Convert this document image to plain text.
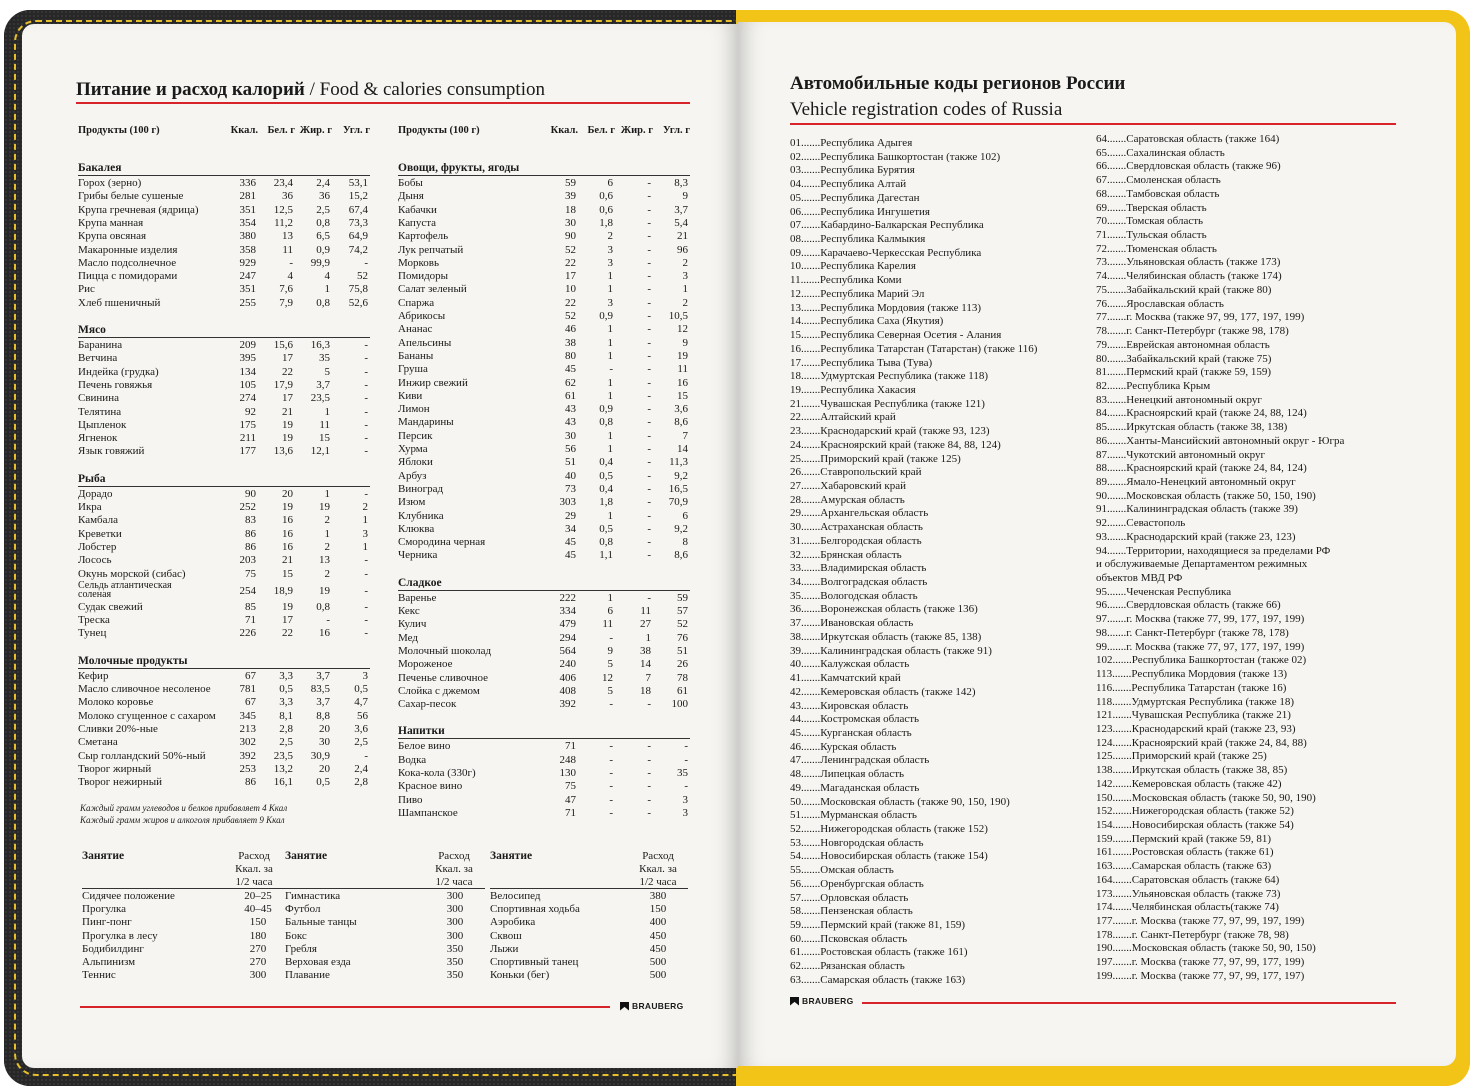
Питание и расход калорий / Food & calories consumption
Продукты (100 г)	Ккал. Бел. г Жир. г	Угл. г
Бакалея
Горох (зерно)	336	23,4	2,4	53,1
Грибы белые сушеные	281	36	36	15,2
Крупа гречневая (ядрица)	351	12,5	2,5	67,4
Крупа манная	354	11,2	0,8	73,3
Крупа овсяная	380	13	6,5	64,9
Макаронные изделия	358	11	0,9	74,2
Масло подсолнечное	929	-	99,9	-
Пицца с помидорами	247	4	4	52
Рис	351	7,6	1	75,8
Хлеб пшеничный	255	7,9	0,8	52,6
Мясо
Баранина	209	15,6	16,3	-
Ветчина	395	17	35	-
Индейка (грудка)	134	22	5	-
Печень говяжья	105	17,9	3,7	-
Свинина	274	17	23,5	-
Телятина	92	21	1	-
Цыпленок	175	19	11	-
Ягненок	211	19	15	-
Язык говяжий	177	13,6	12,1	-
Рыба
Дорадо	90	20	1	-
Икра	252	19	19	2
Камбала	83	16	2	1
Креветки	86	16	1	3
Лобстер	86	16	2	1
Лосось	203	21	13	-
Окунь морской (сибас)	75	15	2	-
Сельдь атлантическая соленая	254	18,9	19	-
Судак свежий	85	19	0,8	-
Треска	71	17	-	-
Тунец	226	22	16	-
Молочные продукты
Кефир	67	3,3	3,7	3
Масло сливочное несоленое	781	0,5	83,5	0,5
Молоко коровье	67	3,3	3,7	4,7
Молоко сгущенное с сахаром	345	8,1	8,8	56
Сливки 20%-ные	213	2,8	20	3,6
Сметана	302	2,5	30	2,5
Сыр голландский 50%-ный	392	23,5	30,9	-
Творог жирный	253	13,2	20	2,4
Творог нежирный	86	16,1	0,5	2,8
Продукты (100 г)	Ккал. Бел. г Жир. г Угл. г
Овощи, фрукты, ягоды
Бобы	59	6	-	8,3
Дыня	39	0,6	-	9
Кабачки	18	0,6	-	3,7
Капуста	30	1,8	-	5,4
Картофель	90	2	-	21
Лук репчатый	52	3	-	96
Морковь	22	3	-	2
Помидоры	17	1	-	3
Салат зеленый	10	1	-	1
Спаржа	22	3	-	2
Абрикосы	52	0,9	-	10,5
Ананас	46	1	-	12
Апельсины	38	1	-	9
Бананы	80	1	-	19
Груша	45	-	-	11
Инжир свежий	62	1	-	16
Киви	61	1	-	15
Лимон	43	0,9	-	3,6
Мандарины	43	0,8	-	8,6
Персик	30	1	-	7
Хурма	56	1	-	14
Яблоки	51	0,4	-	11,3
Арбуз	40	0,5	-	9,2
Виноград	73	0,4	-	16,5
Изюм	303	1,8	-	70,9
Клубника	29	1	-	6
Клюква	34	0,5	-	9,2
Смородина черная	45	0,8	-	8
Черника	45	1,1	-	8,6
Сладкое
Варенье	222	1	-	59
Кекс	334	6	11	57
Кулич	479	11	27	52
Мед	294	-	1	76
Молочный шоколад	564	9	38	51
Мороженое	240	5	14	26
Печенье сливочное	406	12	7	78
Слойка с джемом	408	5	18	61
Сахар-песок	392	-	-	100
Напитки
Белое вино	71	-	-	-
Водка	248	-	-	-
Кока-кола (330г)	130	-	-	35
Красное вино	75	-	-	-
Пиво	47	-	-	3
Шампанское	71	-	-	3
Каждый грамм углеводов и белков прибавляет 4 Ккал
Каждый грамм жиров и алкоголя прибавляет 9 Ккал
Занятие	Расход
Ккал. за
1/2 часа
Сидячее положение	20–25
Прогулка	40–45
Пинг-понг	150
Прогулка в лесу	180
Бодибилдинг	270
Альпинизм	270
Теннис	300
Занятие	Расход
Ккал. за
1/2 часа
Гимнастика	300
Футбол	300
Бальные танцы	300
Бокс	300
Гребля	350
Верховая езда	350
Плавание	350
Занятие	Расход
Ккал. за
1/2 часа
Велосипед	380
Спортивная ходьба	150
Аэробика	400
Сквош	450
Лыжи	450
Спортивный танец	500
Коньки (бег)	500
BRAUBERG
Автомобильные коды регионов России
Vehicle registration codes of Russia
01.......Республика Адыгея
02.......Республика Башкортостан (также 102)
03.......Республика Бурятия
04.......Республика Алтай
05.......Республика Дагестан
06.......Республика Ингушетия
07.......Кабардино-Балкарская Республика
08.......Республика Калмыкия
09.......Карачаево-Черкесская Республика
10.......Республика Карелия
11.......Республика Коми
12.......Республика Марий Эл
13.......Республика Мордовия (также 113)
14.......Республика Саха (Якутия)
15.......Республика Северная Осетия - Алания
16.......Республика Татарстан (Татарстан) (также 116)
17.......Республика Тыва (Тува)
18.......Удмуртская Республика (также 118)
19.......Республика Хакасия
21.......Чувашская Республика (также 121)
22.......Алтайский край
23.......Краснодарский край (также 93, 123)
24.......Красноярский край (также 84, 88, 124)
25.......Приморский край (также 125)
26.......Ставропольский край
27.......Хабаровский край
28.......Амурская область
29.......Архангельская область
30.......Астраханская область
31.......Белгородская область
32.......Брянская область
33.......Владимирская область
34.......Волгоградская область
35.......Вологодская область
36.......Воронежская область (также 136)
37.......Ивановская область
38.......Иркутская область (также 85, 138)
39.......Калининградская область (также 91)
40.......Калужская область
41.......Камчатский край
42.......Кемеровская область (также 142)
43.......Кировская область
44.......Костромская область
45.......Курганская область
46.......Курская область
47.......Ленинградская область
48.......Липецкая область
49.......Магаданская область
50.......Московская область (также 90, 150, 190)
51.......Мурманская область
52.......Нижегородская область (также 152)
53.......Новгородская область
54.......Новосибирская область (также 154)
55.......Омская область
56.......Оренбургская область
57.......Орловская область
58.......Пензенская область
59.......Пермский край (также 81, 159)
60.......Псковская область
61.......Ростовская область (также 161)
62.......Рязанская область
63.......Самарская область (также 163)
64.......Саратовская область (также 164)
65.......Сахалинская область
66.......Свердловская область (также 96)
67.......Смоленская область
68.......Тамбовская область
69.......Тверская область
70.......Томская область
71.......Тульская область
72.......Тюменская область
73.......Ульяновская область (также 173)
74.......Челябинская область (также 174)
75.......Забайкальский край (также 80)
76.......Ярославская область
77.......г. Москва (также 97, 99, 177, 197, 199)
78.......г. Санкт-Петербург (также 98, 178)
79.......Еврейская автономная область
80.......Забайкальский край (также 75)
81.......Пермский край (также 59, 159)
82.......Республика Крым
83.......Ненецкий автономный округ
84.......Красноярский край (также 24, 88, 124)
85.......Иркутская область (также 38, 138)
86.......Ханты-Мансийский автономный округ - Югра
87.......Чукотский автономный округ
88.......Красноярский край (также 24, 84, 124)
89.......Ямало-Ненецкий автономный округ
90.......Московская область (также 50, 150, 190)
91.......Калининградская область (также 39)
92.......Севастополь
93.......Краснодарский край (также 23, 123)
94.......Территории, находящиеся за пределами РФ
и обслуживаемые Департаментом режимных
объектов МВД РФ
95.......Чеченская Республика
96.......Свердловская область (также 66)
97.......г. Москва (также 77, 99, 177, 197, 199)
98.......г. Санкт-Петербург (также 78, 178)
99.......г. Москва (также 77, 97, 177, 197, 199)
102.......Республика Башкортостан (также 02)
113.......Республика Мордовия (также 13)
116.......Республика Татарстан (также 16)
118.......Удмуртская Республика (также 18)
121.......Чувашская Республика (также 21)
123.......Краснодарский край (также 23, 93)
124.......Красноярский край (также 24, 84, 88)
125.......Приморский край (также 25)
138.......Иркутская область (также 38, 85)
142.......Кемеровская область (также 42)
150.......Московская область (также 50, 90, 190)
152.......Нижегородская область (также 52)
154.......Новосибирская область (также 54)
159.......Пермский край (также 59, 81)
161.......Ростовская область (также 61)
163.......Самарская область (также 63)
164.......Саратовская область (также 64)
173.......Ульяновская область (также 73)
174.......Челябинская область(также 74)
177.......г. Москва (также 77, 97, 99, 197, 199)
178.......г. Санкт-Петербург (также 78, 98)
190.......Московская область (также 50, 90, 150)
197.......г. Москва (также 77, 97, 99, 177, 199)
199.......г. Москва (также 77, 97, 99, 177, 197)
BRAUBERG
